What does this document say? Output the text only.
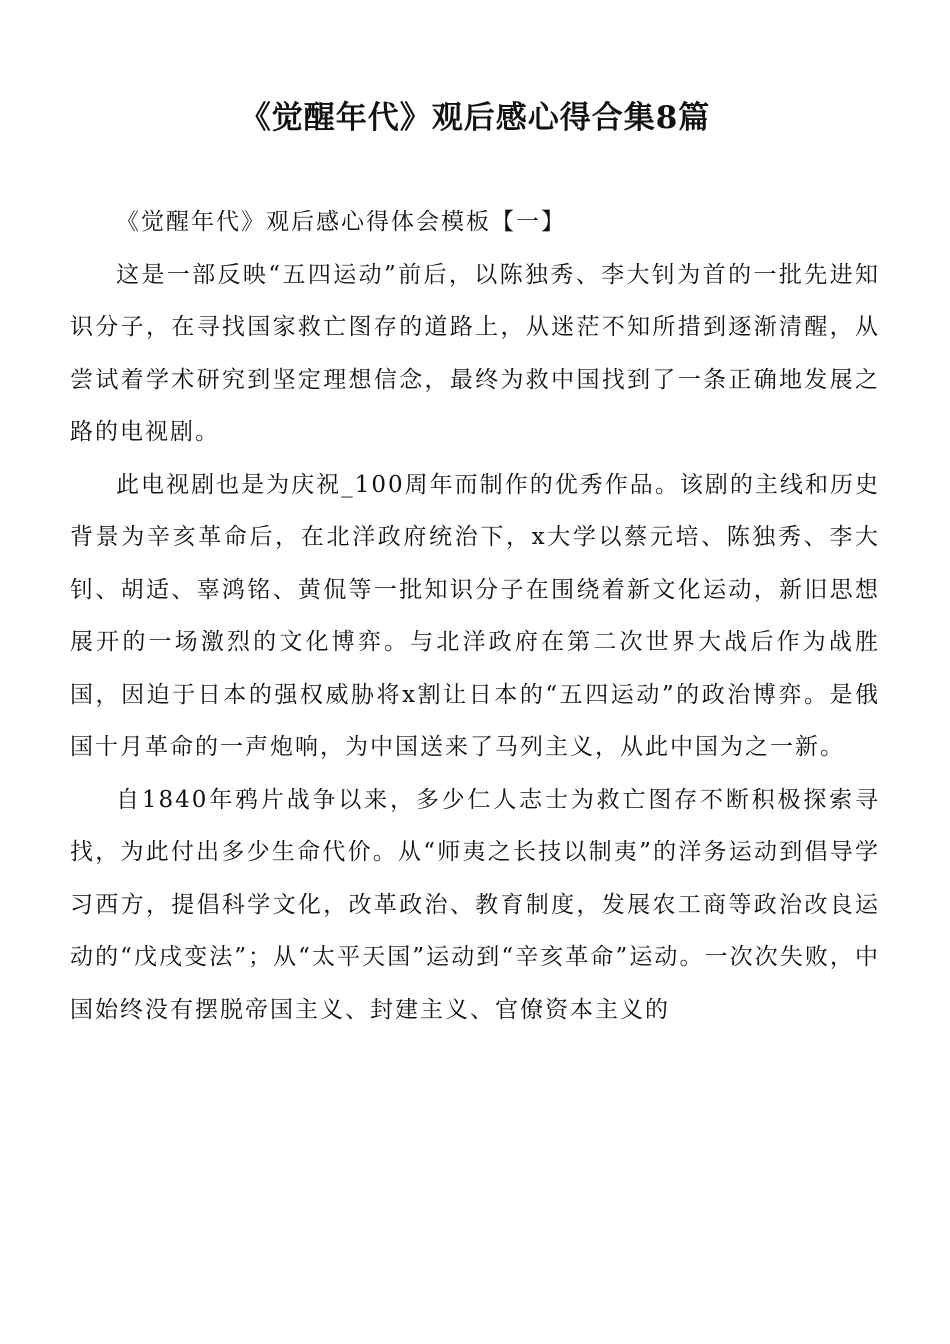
《觉醒年代》观后感心得合集8篇

《觉醒年代》观后感心得体会模板【一】

这是一部反映“五四运动”前后，以陈独秀、李大钊为首的一批先进知识分子，在寻找国家救亡图存的道路上，从迷茫不知所措到逐渐清醒，从尝试着学术研究到坚定理想信念，最终为救中国找到了一条正确地发展之路的电视剧。

此电视剧也是为庆祝_100周年而制作的优秀作品。该剧的主线和历史背景为辛亥革命后，在北洋政府统治下，x大学以蔡元培、陈独秀、李大钊、胡适、辜鸿铭、黄侃等一批知识分子在围绕着新文化运动，新旧思想展开的一场激烈的文化博弈。与北洋政府在第二次世界大战后作为战胜国，因迫于日本的强权威胁将x割让日本的“五四运动”的政治博弈。是俄国十月革命的一声炮响，为中国送来了马列主义，从此中国为之一新。

自1840年鸦片战争以来，多少仁人志士为救亡图存不断积极探索寻找，为此付出多少生命代价。从“师夷之长技以制夷”的洋务运动到倡导学习西方，提倡科学文化，改革政治、教育制度，发展农工商等政治改良运动的“戊戌变法”；从“太平天国”运动到“辛亥革命”运动。一次次失败，中国始终没有摆脱帝国主义、封建主义、官僚资本主义的
